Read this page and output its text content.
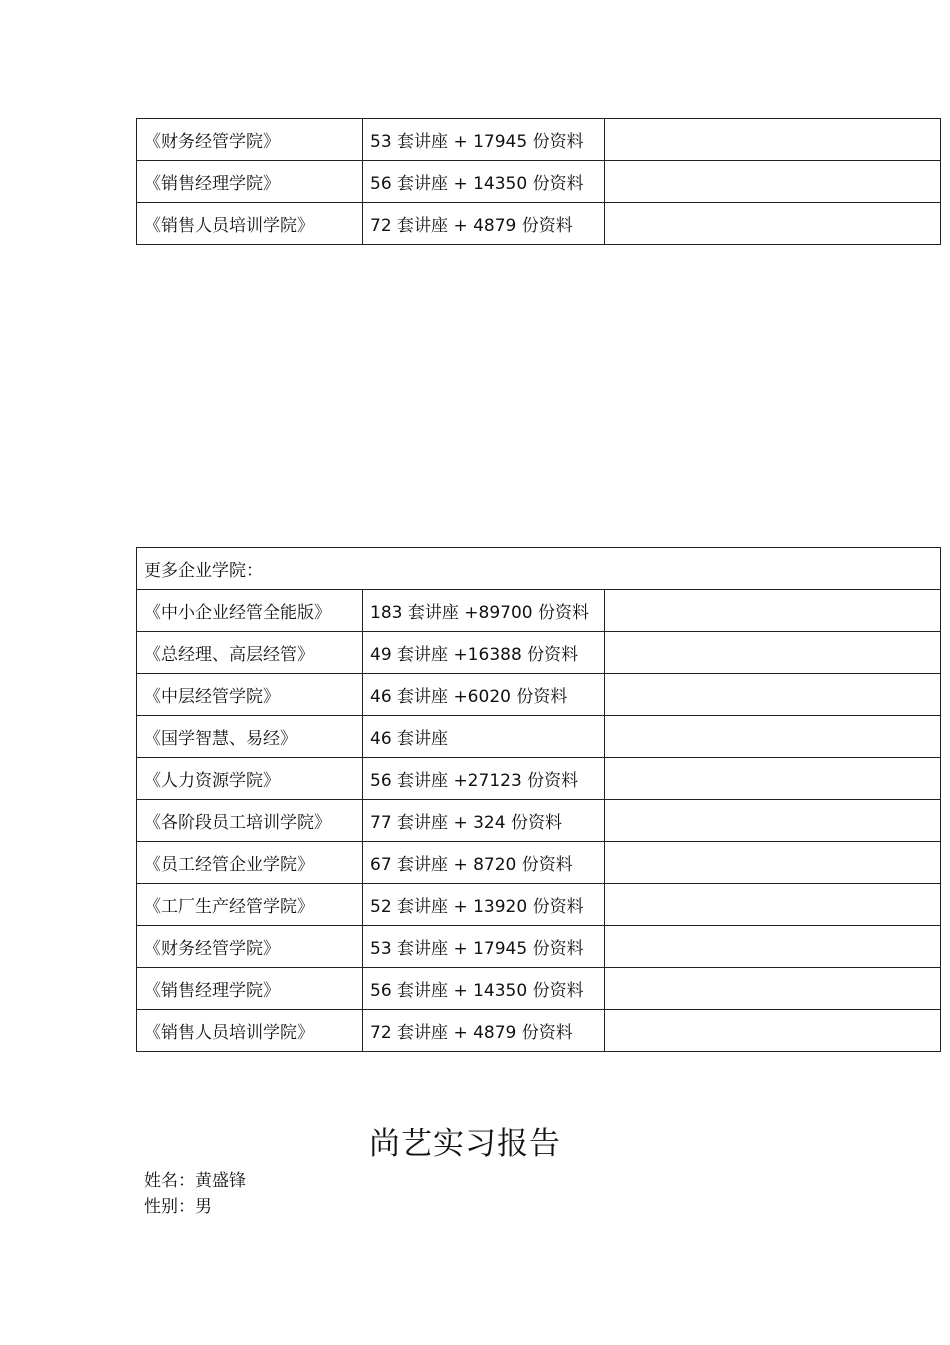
《财务经管学院》	53 套讲座 + 17945 份资料	
《销售经理学院》	56 套讲座 + 14350 份资料	
《销售人员培训学院》	72 套讲座 + 4879 份资料	
更多企业学院：		
《中小企业经管全能版》	183 套讲座 +89700 份资料	
《总经理、高层经管》	49 套讲座 +16388 份资料	
《中层经管学院》	46 套讲座 +6020 份资料	
《国学智慧、易经》	46 套讲座	
《人力资源学院》	56 套讲座 +27123 份资料	
《各阶段员工培训学院》	77 套讲座 + 324 份资料	
《员工经管企业学院》	67 套讲座 + 8720 份资料	
《工厂生产经管学院》	52 套讲座 + 13920 份资料	
《财务经管学院》	53 套讲座 + 17945 份资料	
《销售经理学院》	56 套讲座 + 14350 份资料	
《销售人员培训学院》	72 套讲座 + 4879 份资料	
尚艺实习报告
姓名：黄盛锋
性别：男
